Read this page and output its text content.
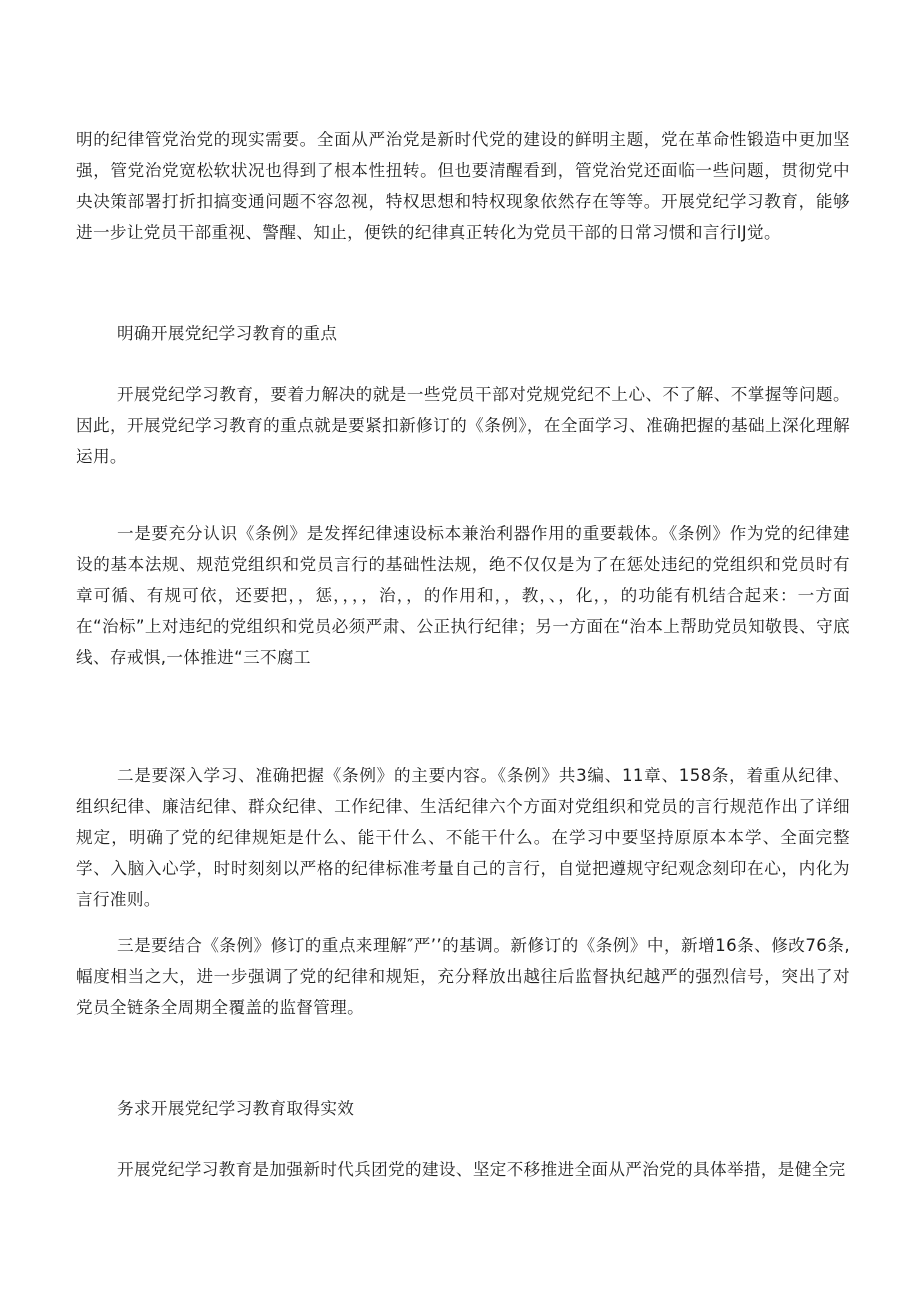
明的纪律管党治党的现实需要。全面从严治党是新时代党的建设的鲜明主题，党在革命性锻造中更加坚强，管党治党宽松软状况也得到了根本性扭转。但也要清醒看到，管党治党还面临一些问题，贯彻党中央决策部署打折扣搞变通问题不容忽视，特权思想和特权现象依然存在等等。开展党纪学习教育，能够进一步让党员干部重视、警醒、知止，便铁的纪律真正转化为党员干部的日常习惯和言行lJ觉。

明确开展党纪学习教育的重点

开展党纪学习教育，要着力解决的就是一些党员干部对党规党纪不上心、不了解、不掌握等问题。因此，开展党纪学习教育的重点就是要紧扣新修订的《条例》，在全面学习、准确把握的基础上深化理解运用。

一是要充分认识《条例》是发挥纪律速设标本兼治利器作用的重要载体。《条例》作为党的纪律建设的基本法规、规范党组织和党员言行的基础性法规，绝不仅仅是为了在惩处违纪的党组织和党员时有章可循、有规可依，还要把，，惩，，，，治，，的作用和，，教，、，化，，的功能有机结合起来：一方面在“治标”上对违纪的党组织和党员必须严肃、公正执行纪律；另一方面在“治本上帮助党员知敬畏、守底线、存戒惧,一体推进“三不腐工

二是要深入学习、准确把握《条例》的主要内容。《条例》共3编、11章、158条，着重从纪律、组织纪律、廉洁纪律、群众纪律、工作纪律、生活纪律六个方面对党组织和党员的言行规范作出了详细规定，明确了党的纪律规矩是什么、能干什么、不能干什么。在学习中要坚持原原本本学、全面完整学、入脑入心学，时时刻刻以严格的纪律标准考量自己的言行，自觉把遵规守纪观念刻印在心，内化为言行准则。

三是要结合《条例》修订的重点来理解″严’’的基调。新修订的《条例》中，新增16条、修改76条,幅度相当之大，进一步强调了党的纪律和规矩，充分释放出越往后监督执纪越严的强烈信号，突出了对党员全链条全周期全覆盖的监督管理。

务求开展党纪学习教育取得实效

开展党纪学习教育是加强新时代兵团党的建设、坚定不移推进全面从严治党的具体举措，是健全完
